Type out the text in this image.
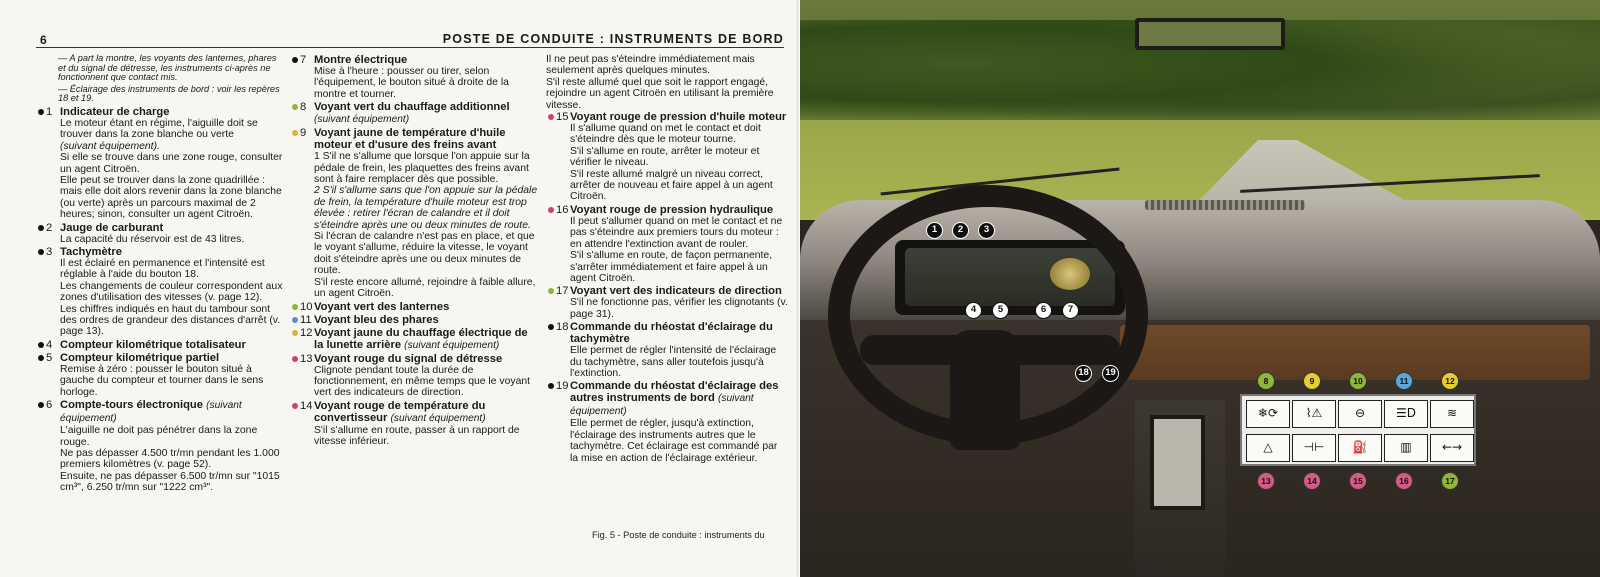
6	POSTE DE CONDUITE : INSTRUMENTS DE BORD
— A part la montre, les voyants des lanternes, phares et du signal de détresse, les instruments ci-après ne fonctionnent que contact mis.
— Éclairage des instruments de bord : voir les repères 18 et 19.
1 Indicateur de charge

Le moteur étant en régime, l'aiguille doit se trouver dans la zone blanche ou verte

(suivant équipement).

Si elle se trouve dans une zone rouge, consulter un agent Citroën.

Elle peut se trouver dans la zone quadrillée : mais elle doit alors revenir dans la zone blanche (ou verte) après un parcours maximal de 2 heures; sinon, consulter un agent Citroën.

2 Jauge de carburant

La capacité du réservoir est de 43 litres.

3 Tachymètre

Il est éclairé en permanence et l'intensité est réglable à l'aide du bouton 18.

Les changements de couleur correspondent aux zones d'utilisation des vitesses (v. page 12).

Les chiffres indiqués en haut du tambour sont des ordres de grandeur des distances d'arrêt (v. page 13).

4 Compteur kilométrique totalisateur
5 Compteur kilométrique partiel

Remise à zéro : pousser le bouton situé à gauche du compteur et tourner dans le sens horloge.

6 Compte-tours électronique (suivant équipement)

L'aiguille ne doit pas pénétrer dans la zone rouge.

Ne pas dépasser 4.500 tr/mn pendant les 1.000 premiers kilomètres (v. page 52).

Ensuite, ne pas dépasser 6.500 tr/mn sur "1015 cm³", 6.250 tr/mn sur "1222 cm³".

7 Montre électrique

Mise à l'heure : pousser ou tirer, selon l'équipement, le bouton situé à droite de la montre et tourner.

8 Voyant vert du chauffage additionnel (suivant équipement)
9 Voyant jaune de température d'huile moteur et d'usure des freins avant

1 S'il ne s'allume que lorsque l'on appuie sur la pédale de frein, les plaquettes des freins avant sont à faire remplacer dès que possible.

2 S'il s'allume sans que l'on appuie sur la pédale de frein, la température d'huile moteur est trop élevée : retirer l'écran de calandre et il doit s'éteindre après une ou deux minutes de route.

Si l'écran de calandre n'est pas en place, et que le voyant s'allume, réduire la vitesse, le voyant doit s'éteindre après une ou deux minutes de route.

S'il reste encore allumé, rejoindre à faible allure, un agent Citroën.

10 Voyant vert des lanternes
11 Voyant bleu des phares
12 Voyant jaune du chauffage électrique de la lunette arrière (suivant équipement)
13 Voyant rouge du signal de détresse

Clignote pendant toute la durée de fonctionnement, en même temps que le voyant vert des indicateurs de direction.

14 Voyant rouge de température du convertisseur (suivant équipement)

S'il s'allume en route, passer à un rapport de vitesse inférieur.

Il ne peut pas s'éteindre immédiatement mais seulement après quelques minutes.

S'il reste allumé quel que soit le rapport engagé, rejoindre un agent Citroën en utilisant la première vitesse.

15 Voyant rouge de pression d'huile moteur

Il s'allume quand on met le contact et doit s'éteindre dès que le moteur tourne.

S'il s'allume en route, arrêter le moteur et vérifier le niveau.

S'il reste allumé malgré un niveau correct, arrêter de nouveau et faire appel à un agent Citroën.

16 Voyant rouge de pression hydraulique

Il peut s'allumer quand on met le contact et ne pas s'éteindre aux premiers tours du moteur : en attendre l'extinction avant de rouler.

S'il s'allume en route, de façon permanente, s'arrêter immédiatement et faire appel à un agent Citroën.

17 Voyant vert des indicateurs de direction

S'il ne fonctionne pas, vérifier les clignotants (v. page 31).

18 Commande du rhéostat d'éclairage du tachymètre

Elle permet de régler l'intensité de l'éclairage du tachymètre, sans aller toutefois jusqu'à l'extinction.

19 Commande du rhéostat d'éclairage des autres instruments de bord (suivant équipement)

Elle permet de régler, jusqu'à extinction, l'éclairage des instruments autres que le tachymètre. Cet éclairage est commandé par la mise en action de l'éclairage extérieur.

Fig. 5 - Poste de conduite : instruments du
1	2	3
4	5	6	7
18	19
❄⟳	⌇⚠	⊖	☰D	≋
△	⊣⊢	⛽	▥	←→
8	9	10	11	12
13	14	15	16	17
